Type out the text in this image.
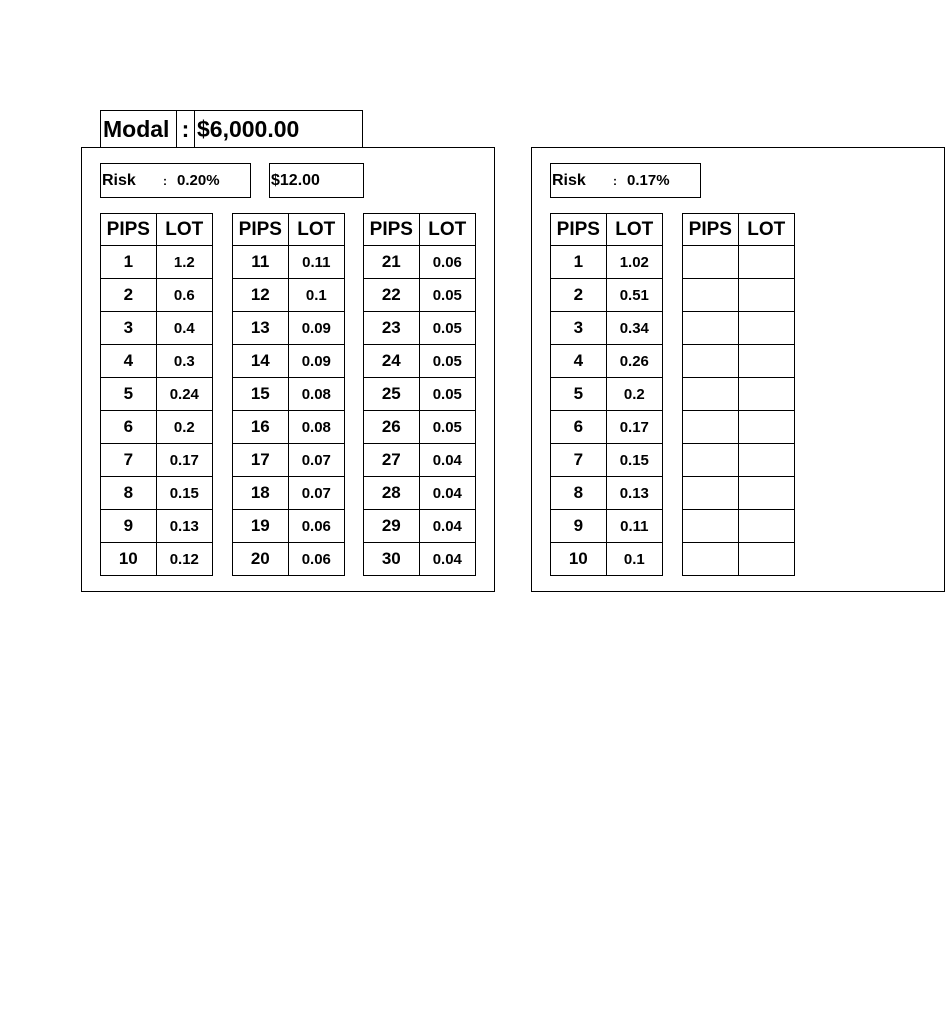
Modal : $6,000.00
Risk	: 0.20%	$12.00
PIPS	LOT
1	1.2
2	0.6
3	0.4
4	0.3
5	0.24
6	0.2
7	0.17
8	0.15
9	0.13
10	0.12
PIPS	LOT
11	0.11
12	0.1
13	0.09
14	0.09
15	0.08
16	0.08
17	0.07
18	0.07
19	0.06
20	0.06
PIPS	LOT
21	0.06
22	0.05
23	0.05
24	0.05
25	0.05
26	0.05
27	0.04
28	0.04
29	0.04
30	0.04
Risk	: 0.17%
PIPS	LOT
1	1.02
2	0.51
3	0.34
4	0.26
5	0.2
6	0.17
7	0.15
8	0.13
9	0.11
10	0.1
PIPS	LOT
